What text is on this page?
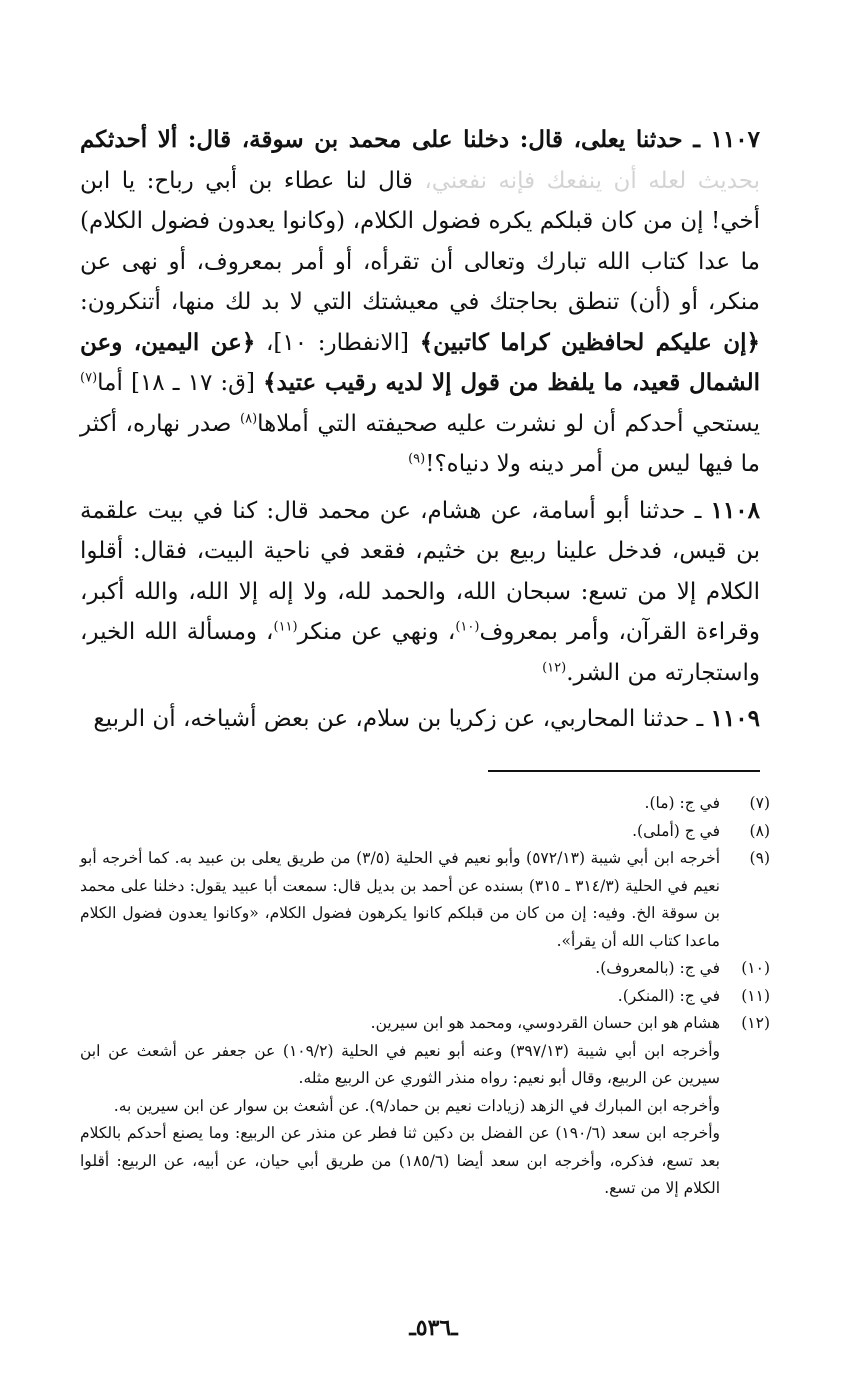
١١٠٧ ـ حدثنا يعلى، قال: دخلنا على محمد بن سوقة، قال: ألا أحدثكم بحديث لعله أن ينفعك فإنه نفعني، قال لنا عطاء بن أبي رباح: يا ابن أخي! إن من كان قبلكم يكره فضول الكلام، (وكانوا يعدون فضول الكلام) ما عدا كتاب الله تبارك وتعالى أن تقرأه، أو أمر بمعروف، أو نهى عن منكر، أو (أن) تنطق بحاجتك في معيشتك التي لا بد لك منها، أتنكرون: ﴿إن عليكم لحافظين كراما كاتبين﴾ [الانفطار: ١٠]، ﴿عن اليمين، وعن الشمال قعيد، ما يلفظ من قول إلا لديه رقيب عتيد﴾ [ق: ١٧ ـ ١٨] أما$^{(٧)}$ يستحي أحدكم أن لو نشرت عليه صحيفته التي أملاها$^{(٨)}$ صدر نهاره، أكثر ما فيها ليس من أمر دينه ولا دنياه؟!$^{(٩)}$

١١٠٨ ـ حدثنا أبو أسامة، عن هشام، عن محمد قال: كنا في بيت علقمة بن قيس، فدخل علينا ربيع بن خثيم، فقعد في ناحية البيت، فقال: أقلوا الكلام إلا من تسع: سبحان الله، والحمد لله، ولا إله إلا الله، والله أكبر، وقراءة القرآن، وأمر بمعروف$^{(١٠)}$، ونهي عن منكر$^{(١١)}$، ومسألة الله الخير، واستجارته من الشر.$^{(١٢)}$

١١٠٩ ـ حدثنا المحاربي، عن زكريا بن سلام، عن بعض أشياخه، أن الربيع

(٧)
في ج: (ما).
(٨)
في ج (أملى).
(٩)
أخرجه ابن أبي شيبة (٥٧٢/١٣) وأبو نعيم في الحلية (٣/٥) من طريق يعلى بن عبيد به. كما أخرجه أبو نعيم في الحلية (٣١٤/٣ ـ ٣١٥) بسنده عن أحمد بن بديل قال: سمعت أبا عبيد يقول: دخلنا على محمد بن سوقة الخ. وفيه: إن من كان من قبلكم كانوا يكرهون فضول الكلام، «وكانوا يعدون فضول الكلام ماعدا كتاب الله أن يقرأ».
(١٠)
في ج: (بالمعروف).
(١١)
في ج: (المنكر).
(١٢)
هشام هو ابن حسان القردوسي، ومحمد هو ابن سيرين.
وأخرجه ابن أبي شيبة (٣٩٧/١٣) وعنه أبو نعيم في الحلية (١٠٩/٢) عن جعفر عن أشعث عن ابن سيرين عن الربيع، وقال أبو نعيم: رواه منذر الثوري عن الربيع مثله.
وأخرجه ابن المبارك في الزهد (زيادات نعيم بن حماد/٩). عن أشعث بن سوار عن ابن سيرين به.
وأخرجه ابن سعد (١٩٠/٦) عن الفضل بن دكين ثنا فطر عن منذر عن الربيع: وما يصنع أحدكم بالكلام بعد تسع، فذكره، وأخرجه ابن سعد أيضا (١٨٥/٦) من طريق أبي حيان، عن أبيه، عن الربيع: أقلوا الكلام إلا من تسع.
ـ٥٣٦ـ
